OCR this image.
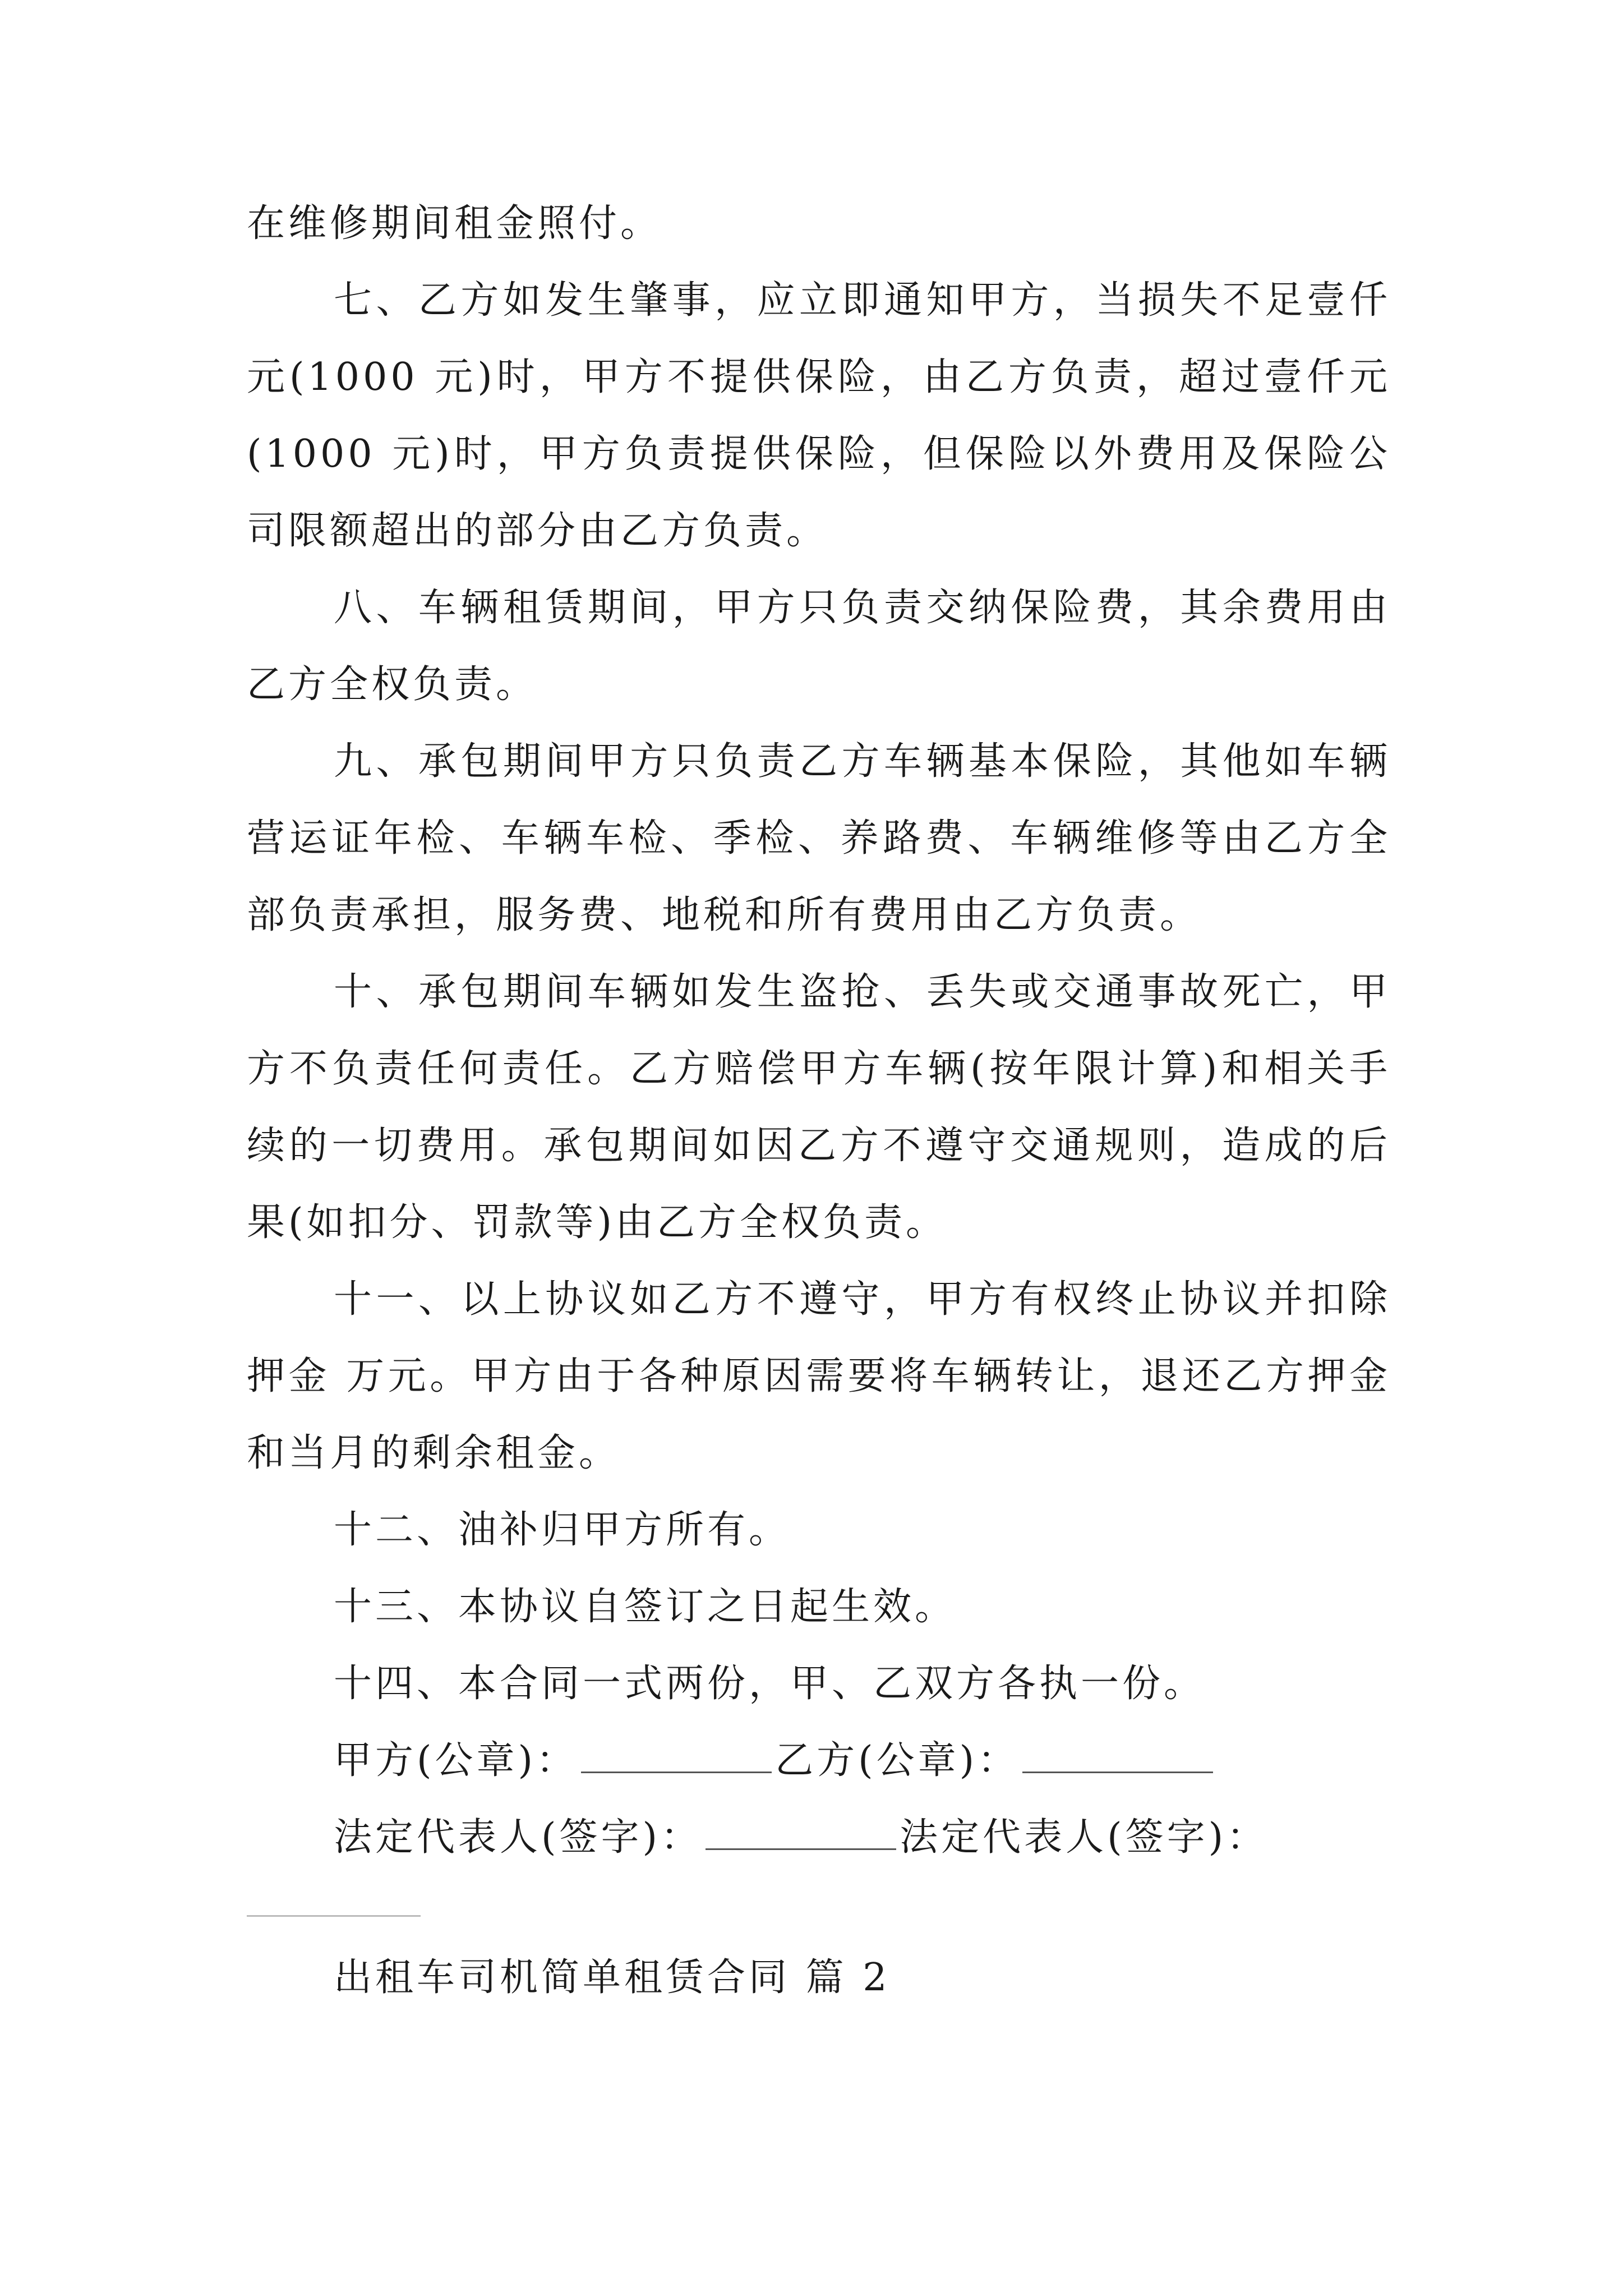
在维修期间租金照付。

七、乙方如发生肇事，应立即通知甲方，当损失不足壹仟元(1000 元)时，甲方不提供保险，由乙方负责，超过壹仟元(1000 元)时，甲方负责提供保险，但保险以外费用及保险公司限额超出的部分由乙方负责。

八、车辆租赁期间，甲方只负责交纳保险费，其余费用由乙方全权负责。

九、承包期间甲方只负责乙方车辆基本保险，其他如车辆营运证年检、车辆车检、季检、养路费、车辆维修等由乙方全部负责承担，服务费、地税和所有费用由乙方负责。

十、承包期间车辆如发生盗抢、丢失或交通事故死亡，甲方不负责任何责任。乙方赔偿甲方车辆(按年限计算)和相关手续的一切费用。承包期间如因乙方不遵守交通规则，造成的后果(如扣分、罚款等)由乙方全权负责。

十一、以上协议如乙方不遵守，甲方有权终止协议并扣除押金 万元。甲方由于各种原因需要将车辆转让，退还乙方押金和当月的剩余租金。

十二、油补归甲方所有。

十三、本协议自签订之日起生效。

十四、本合同一式两份，甲、乙双方各执一份。

甲方(公章)：	乙方(公章)：

法定代表人(签字)：	法定代表人(签字)：

出租车司机简单租赁合同 篇 2
